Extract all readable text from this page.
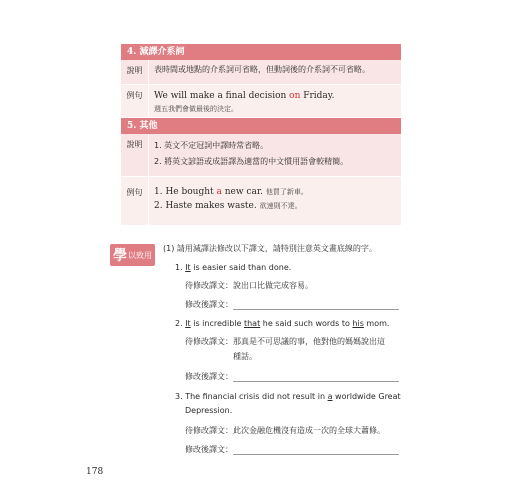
4. 減譯介系詞
說明	表時間或地點的介系詞可省略，但動詞後的介系詞不可省略。

例句	We will make a final decision on Friday.

週五我們會做最後的決定。

5. 其他
說明	1. 英文不定冠詞中譯時常省略。

2. 將英文諺語或成語譯為適當的中文慣用語會較精簡。

例句	1. He bought a new car. 他買了新車。

2. Haste makes waste. 欲速則不達。

學 以致用
(1) 請用減譯法修改以下譯文，請特別注意英文畫底線的字。
1. It is easier said than done.
待修改譯文：說出口比做完成容易。
修改後譯文：
2. It is incredible that he said such words to his mom.
待修改譯文：那真是不可思議的事，他對他的媽媽說出這
種話。
修改後譯文：
3. The financial crisis did not result in a worldwide Great
Depression.
待修改譯文：此次金融危機沒有造成一次的全球大蕭條。
修改後譯文：
178
